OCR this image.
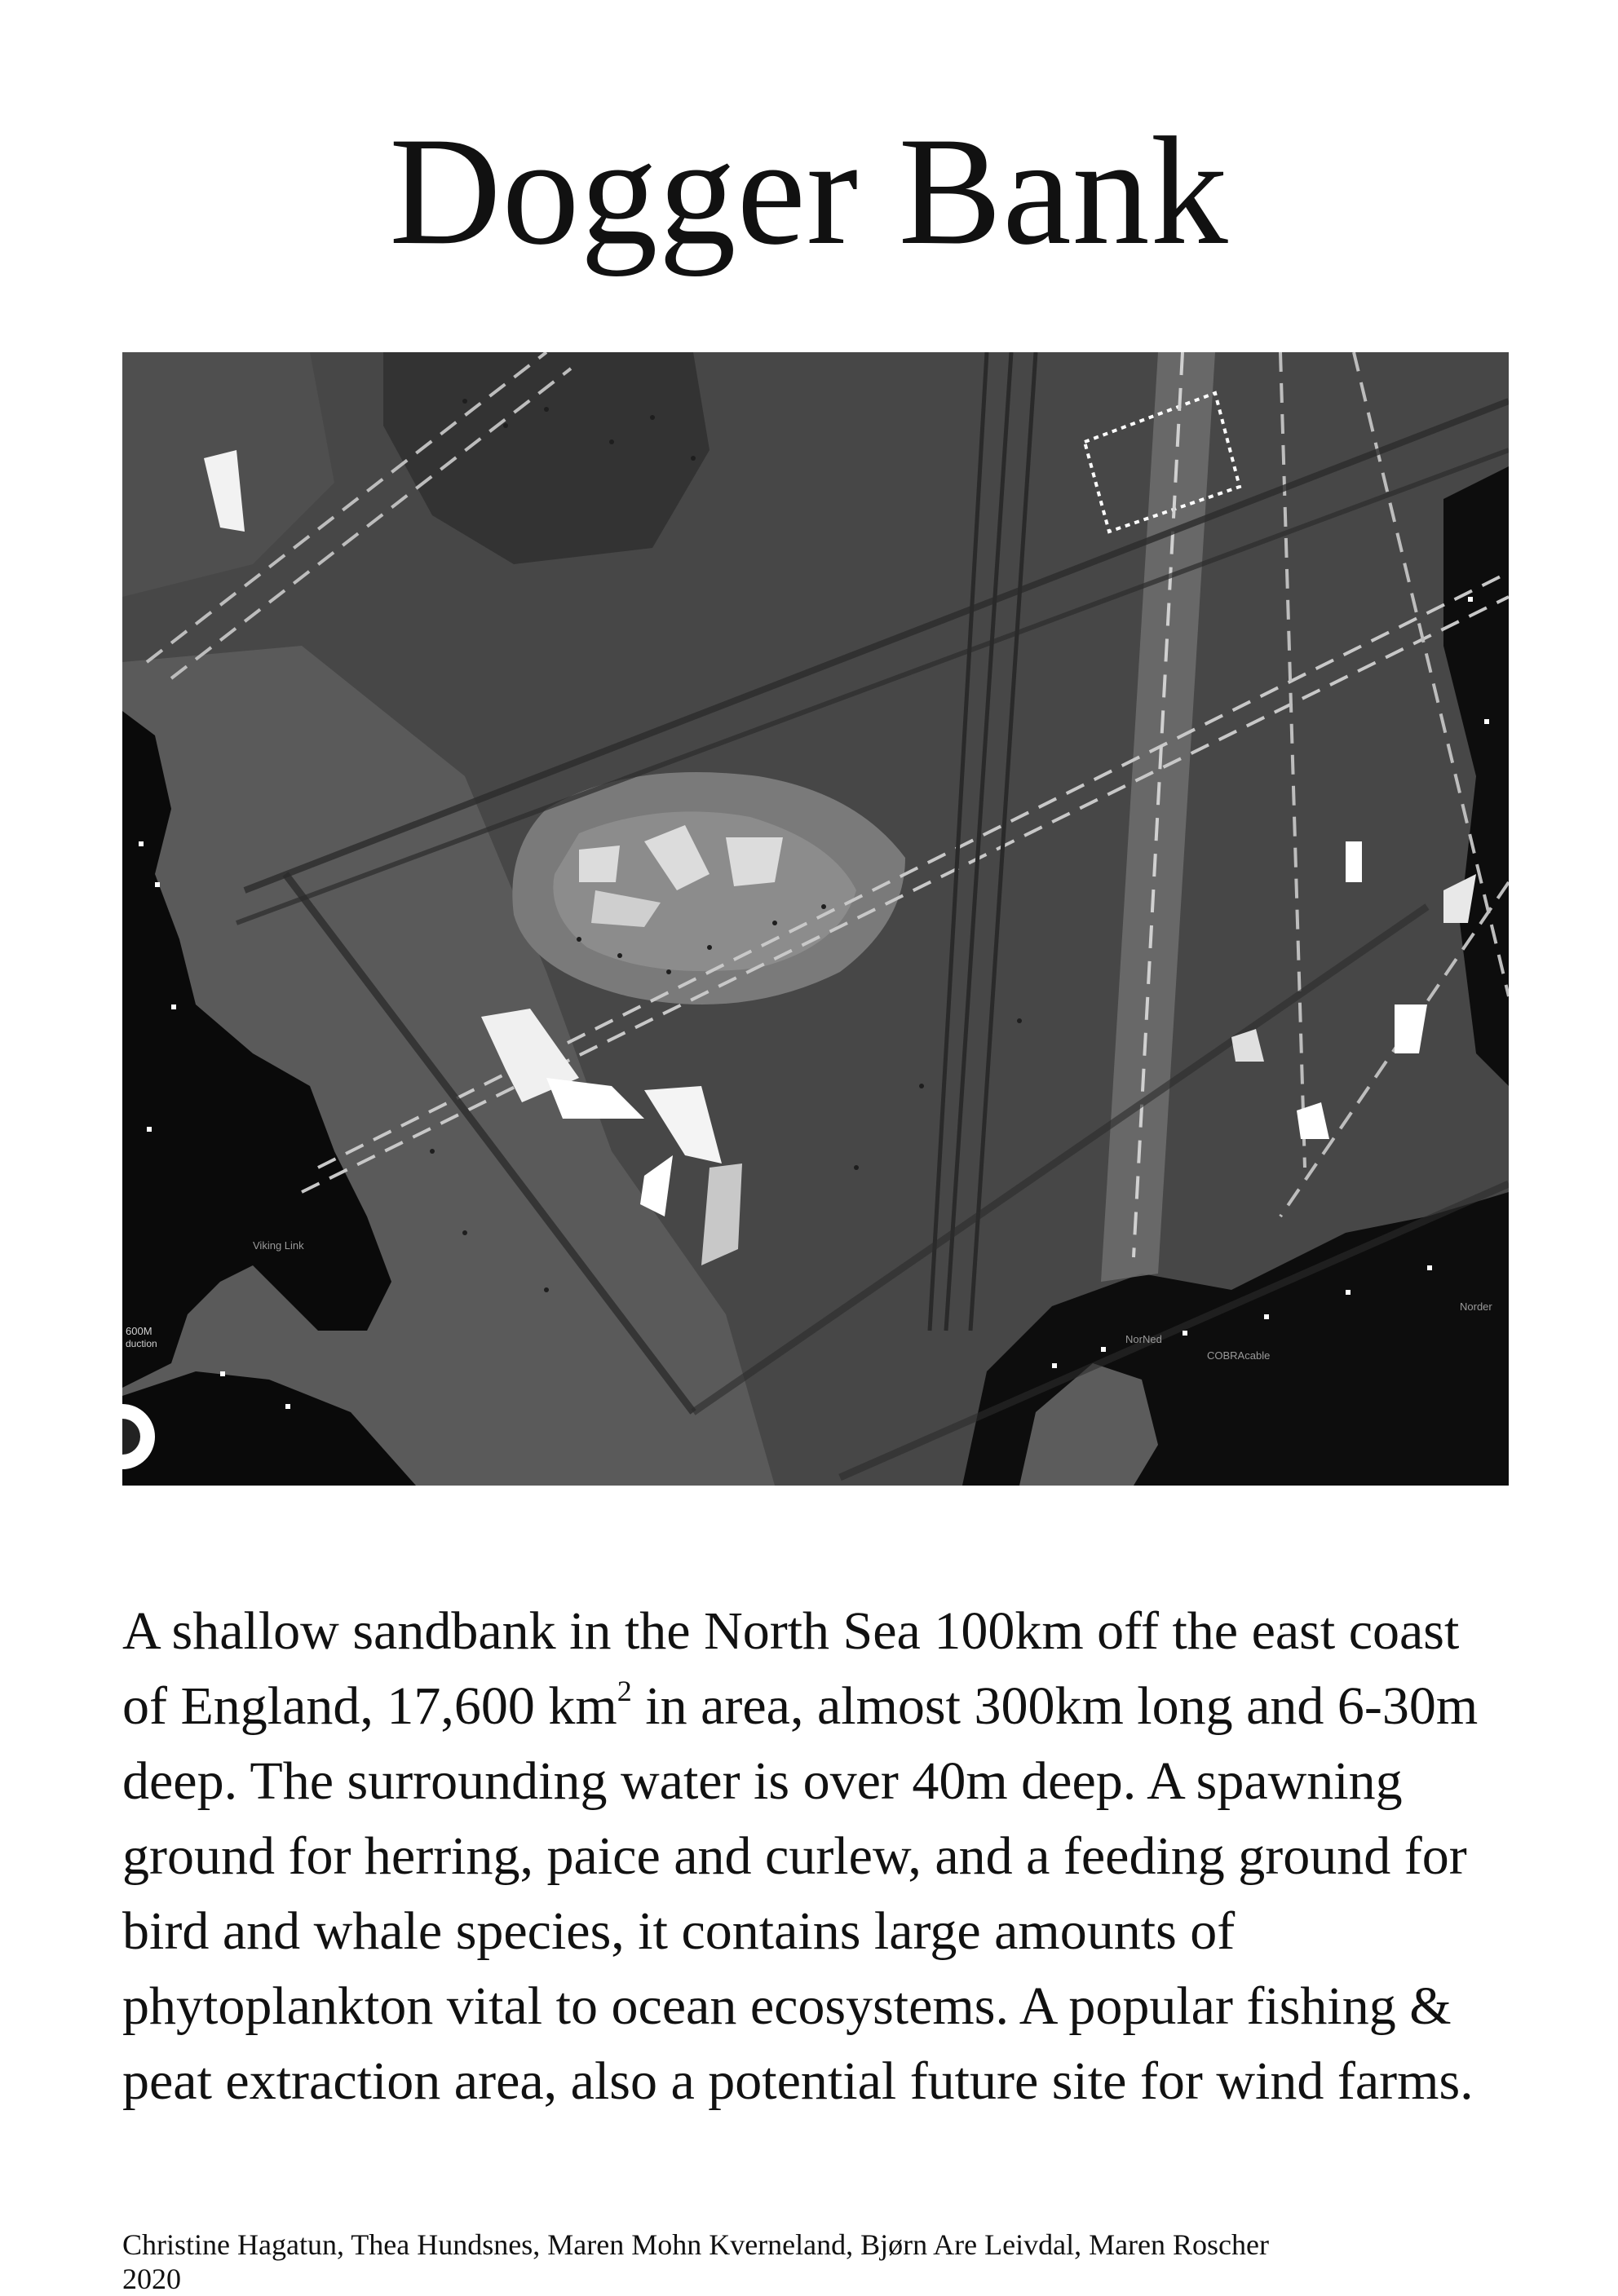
Dogger Bank
Viking Link
COBRAcable
NorNed
Norder
600M
duction

A shallow sandbank in the North Sea 100km off the east coast of England, 17,600 $km^2$ in area, almost 300km long and 6-30m deep. The surrounding water is over 40m deep. A spawning ground for herring, paice and curlew, and a feeding ground for bird and whale species, it contains large amounts of phytoplankton vital to ocean ecosystems. A popular fishing & peat extraction area, also a potential future site for wind farms.

Christine Hagatun, Thea Hundsnes, Maren Mohn Kverneland, Bjørn Are Leivdal, Maren Roscher
2020
